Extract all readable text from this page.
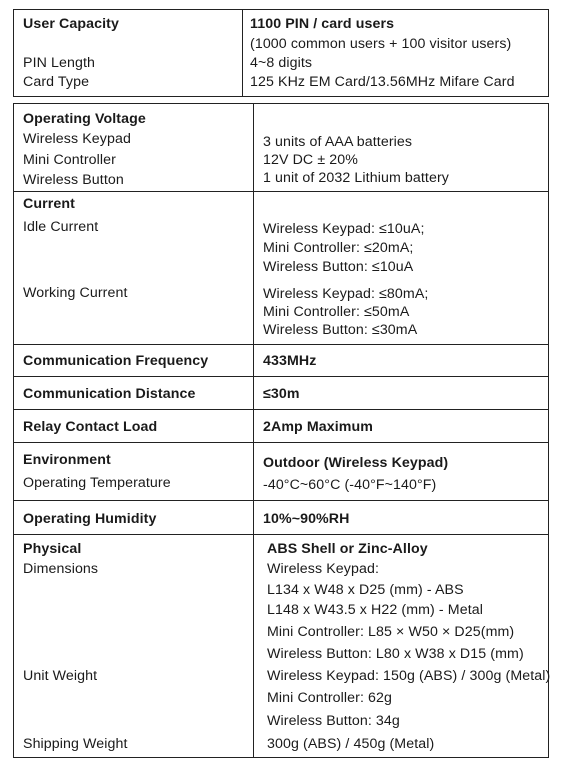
User Capacity	1100 PIN / card users
(1000 common users + 100 visitor users)
PIN Length	4~8 digits
Card Type	125 KHz EM Card/13.56MHz Mifare Card
Operating Voltage
Wireless Keypad	3 units of AAA batteries
Mini Controller	12V DC ± 20%
Wireless Button	1 unit of 2032 Lithium battery
Current
Idle Current	Wireless Keypad: ≤10uA;
Mini Controller: ≤20mA;
Wireless Button: ≤10uA
Working Current	Wireless Keypad: ≤80mA;
Mini Controller: ≤50mA
Wireless Button: ≤30mA
Communication Frequency	433MHz
Communication Distance	≤30m
Relay Contact Load	2Amp Maximum
Environment	Outdoor (Wireless Keypad)
Operating Temperature	-40°C~60°C (-40°F~140°F)
Operating Humidity	10%~90%RH
Physical	ABS Shell or Zinc-Alloy
Dimensions	Wireless Keypad:
L134 x W48 x D25 (mm) - ABS
L148 x W43.5 x H22 (mm) - Metal
Mini Controller: L85 × W50 × D25(mm)
Wireless Button: L80 x W38 x D15 (mm)
Unit Weight	Wireless Keypad: 150g (ABS) / 300g (Metal)
Mini Controller: 62g
Wireless Button: 34g
Shipping Weight	300g (ABS) / 450g (Metal)
